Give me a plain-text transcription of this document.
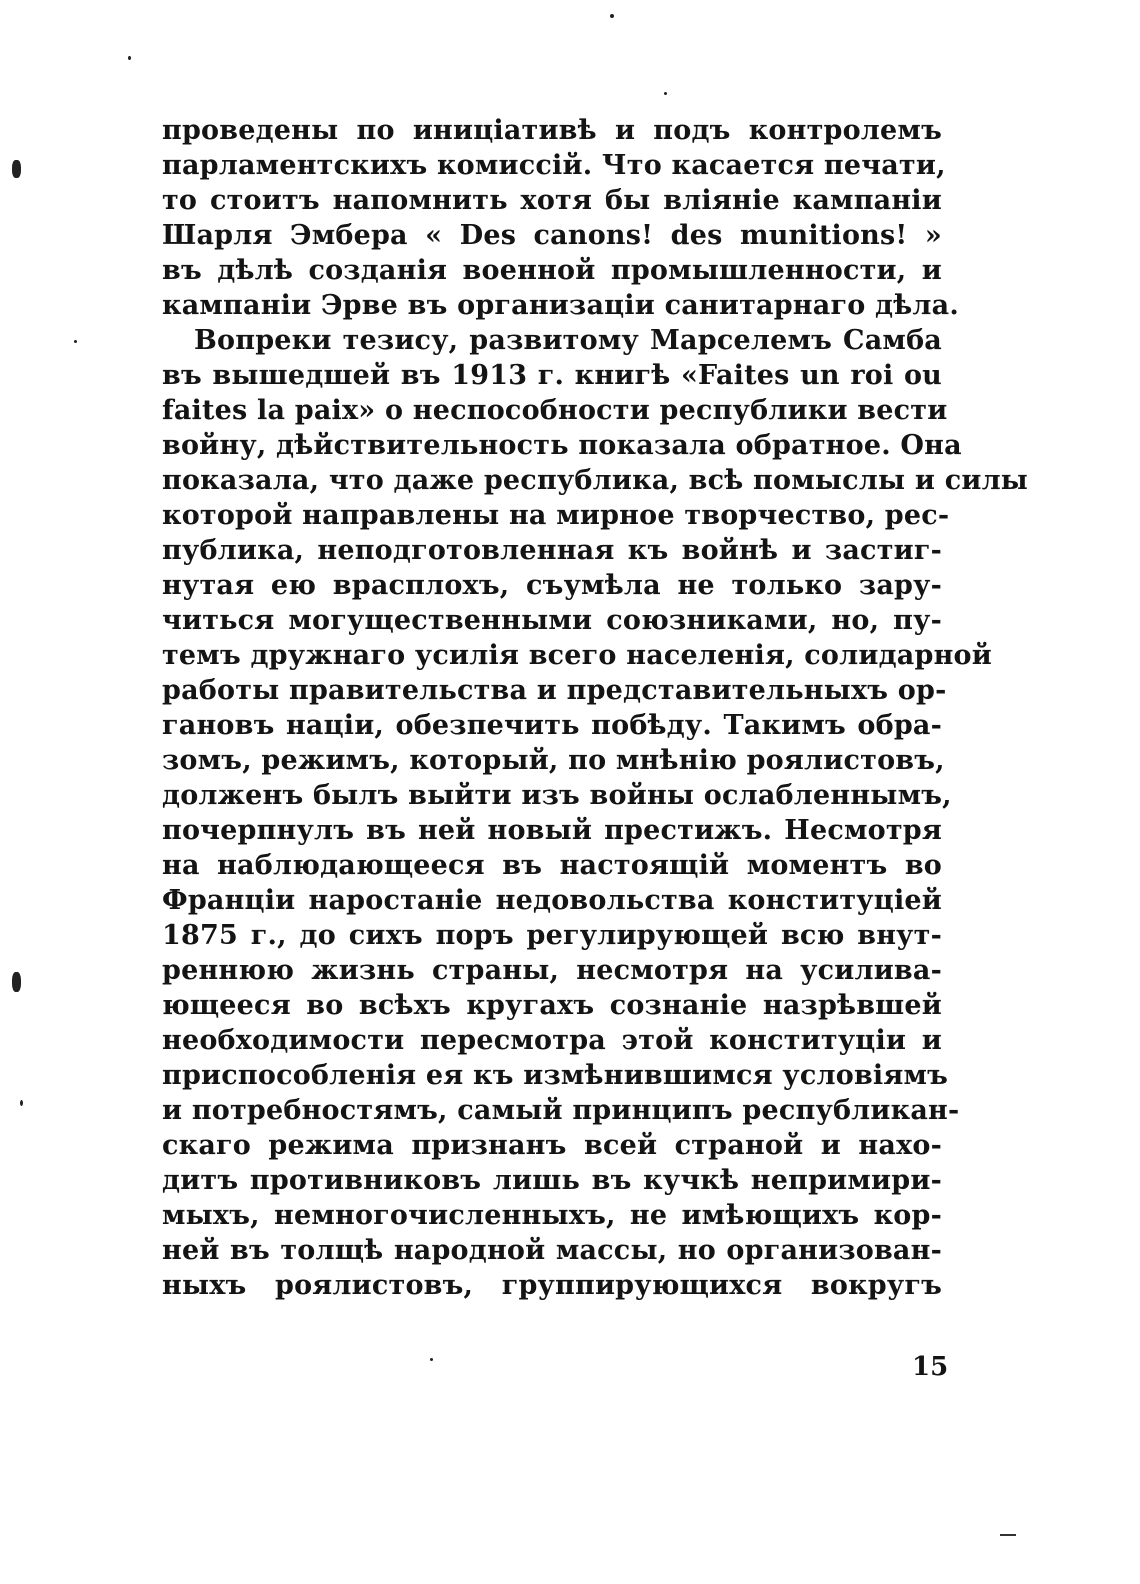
проведены по иниціативѣ и подъ контролемъ
парламентскихъ комиссій. Что касается печати,
то стоитъ напомнить хотя бы вліяніе кампаніи
Шарля Эмбера « Des canons! des munitions! »
въ дѣлѣ созданія военной промышленности, и
кампаніи Эрве въ организаціи санитарнаго дѣла.
Вопреки тезису, развитому Марселемъ Самба
въ вышедшей въ 1913 г. книгѣ «Faites un roi ou
faites la paix» о неспособности республики вести
войну, дѣйствительность показала обратное. Она
показала, что даже республика, всѣ помыслы и силы
которой направлены на мирное творчество, рес-
публика, неподготовленная къ войнѣ и застиг-
нутая ею врасплохъ, съумѣла не только зару-
читься могущественными союзниками, но, пу-
темъ дружнаго усилія всего населенія, солидарной
работы правительства и представительныхъ ор-
гановъ націи, обезпечить побѣду. Такимъ обра-
зомъ, режимъ, который, по мнѣнію роялистовъ,
долженъ былъ выйти изъ войны ослабленнымъ,
почерпнулъ въ ней новый престижъ. Несмотря
на наблюдающееся въ настоящій моментъ во
Франціи наростаніе недовольства конституціей
1875 г., до сихъ поръ регулирующей всю внут-
реннюю жизнь страны, несмотря на усилива-
ющееся во всѣхъ кругахъ сознаніе назрѣвшей
необходимости пересмотра этой конституціи и
приспособленія ея къ измѣнившимся условіямъ
и потребностямъ, самый принципъ республикан-
скаго режима признанъ всей страной и нахо-
дитъ противниковъ лишь въ кучкѣ непримири-
мыхъ, немногочисленныхъ, не имѣющихъ кор-
ней въ толщѣ народной массы, но организован-
ныхъ роялистовъ, группирующихся вокругъ
15
